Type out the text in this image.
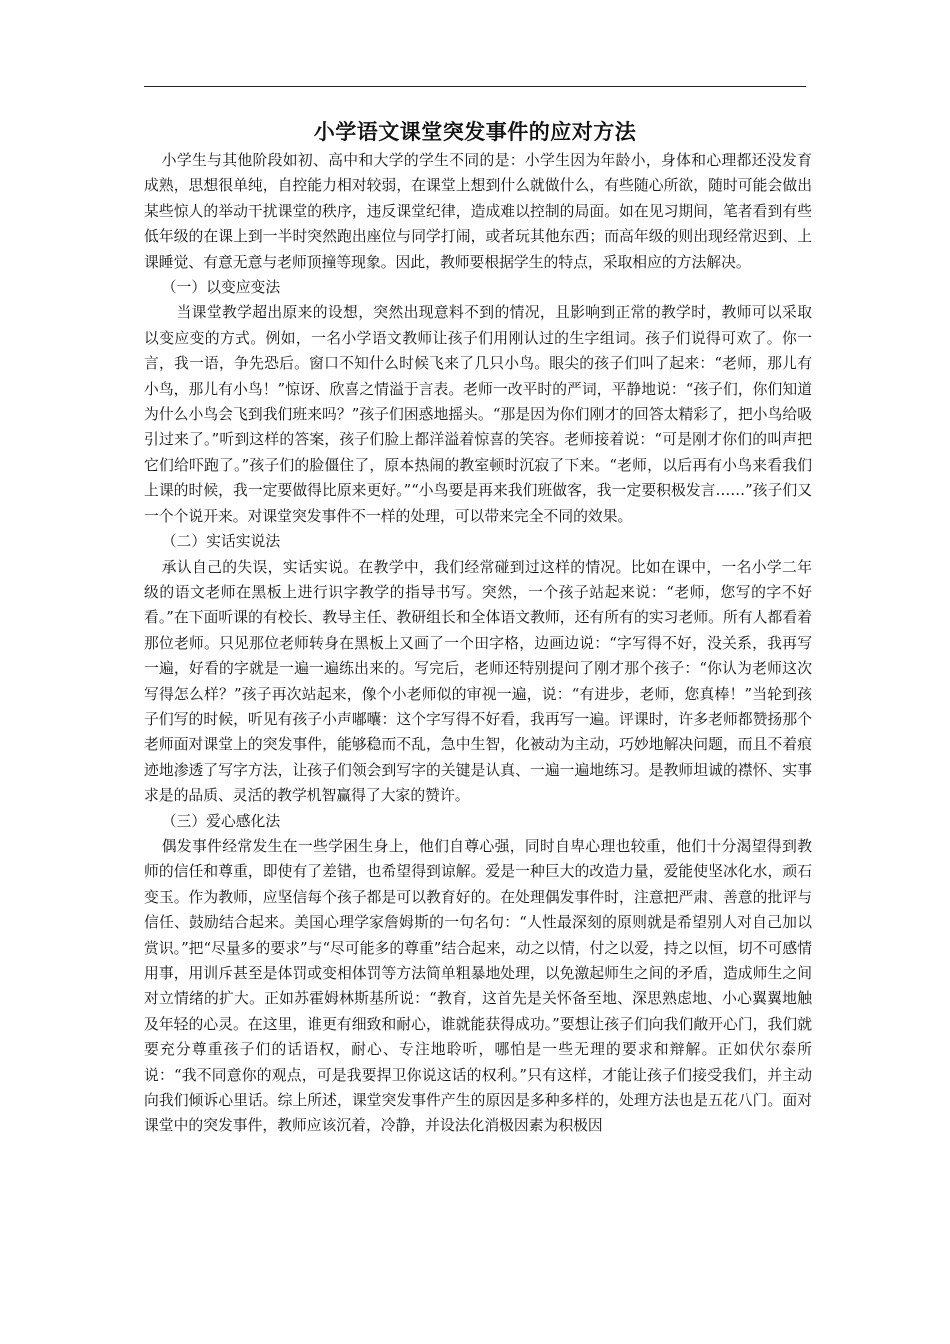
小学语文课堂突发事件的应对方法

小学生与其他阶段如初、高中和大学的学生不同的是：小学生因为年龄小，身体和心理都还没发育成熟，思想很单纯，自控能力相对较弱，在课堂上想到什么就做什么，有些随心所欲，随时可能会做出某些惊人的举动干扰课堂的秩序，违反课堂纪律，造成难以控制的局面。如在见习期间，笔者看到有些低年级的在课上到一半时突然跑出座位与同学打闹，或者玩其他东西；而高年级的则出现经常迟到、上课睡觉、有意无意与老师顶撞等现象。因此，教师要根据学生的特点，采取相应的方法解决。

（一）以变应变法

当课堂教学超出原来的设想，突然出现意料不到的情况，且影响到正常的教学时，教师可以采取以变应变的方式。例如，一名小学语文教师让孩子们用刚认过的生字组词。孩子们说得可欢了。你一言，我一语，争先恐后。窗口不知什么时候飞来了几只小鸟。眼尖的孩子们叫了起来：“老师，那儿有小鸟，那儿有小鸟！”惊讶、欣喜之情溢于言表。老师一改平时的严词，平静地说：“孩子们，你们知道为什么小鸟会飞到我们班来吗？”孩子们困惑地摇头。“那是因为你们刚才的回答太精彩了，把小鸟给吸引过来了。”听到这样的答案，孩子们脸上都洋溢着惊喜的笑容。老师接着说：“可是刚才你们的叫声把它们给吓跑了。”孩子们的脸僵住了，原本热闹的教室顿时沉寂了下来。“老师，以后再有小鸟来看我们上课的时候，我一定要做得比原来更好。”“小鸟要是再来我们班做客，我一定要积极发言……”孩子们又一个个说开来。对课堂突发事件不一样的处理，可以带来完全不同的效果。

（二）实话实说法

承认自己的失误，实话实说。在教学中，我们经常碰到过这样的情况。比如在课中，一名小学二年级的语文老师在黑板上进行识字教学的指导书写。突然，一个孩子站起来说：“老师，您写的字不好看。”在下面听课的有校长、教导主任、教研组长和全体语文教师，还有所有的实习老师。所有人都看着那位老师。只见那位老师转身在黑板上又画了一个田字格，边画边说：“字写得不好，没关系，我再写一遍，好看的字就是一遍一遍练出来的。写完后，老师还特别提问了刚才那个孩子：“你认为老师这次写得怎么样？”孩子再次站起来，像个小老师似的审视一遍，说：“有进步，老师，您真棒！”当轮到孩子们写的时候，听见有孩子小声嘟囔：这个字写得不好看，我再写一遍。评课时，许多老师都赞扬那个老师面对课堂上的突发事件，能够稳而不乱，急中生智，化被动为主动，巧妙地解决问题，而且不着痕迹地渗透了写字方法，让孩子们领会到写字的关键是认真、一遍一遍地练习。是教师坦诚的襟怀、实事求是的品质、灵活的教学机智赢得了大家的赞许。

（三）爱心感化法

偶发事件经常发生在一些学困生身上，他们自尊心强，同时自卑心理也较重，他们十分渴望得到教师的信任和尊重，即使有了差错，也希望得到谅解。爱是一种巨大的改造力量，爱能使坚冰化水，顽石变玉。作为教师，应坚信每个孩子都是可以教育好的。在处理偶发事件时，注意把严肃、善意的批评与信任、鼓励结合起来。美国心理学家詹姆斯的一句名句：“人性最深刻的原则就是希望别人对自己加以赏识。”把“尽量多的要求”与“尽可能多的尊重”结合起来，动之以情，付之以爱，持之以恒，切不可感情用事，用训斥甚至是体罚或变相体罚等方法简单粗暴地处理，以免激起师生之间的矛盾，造成师生之间对立情绪的扩大。正如苏霍姆林斯基所说：“教育，这首先是关怀备至地、深思熟虑地、小心翼翼地触及年轻的心灵。在这里，谁更有细致和耐心，谁就能获得成功。”要想让孩子们向我们敞开心门，我们就要充分尊重孩子们的话语权，耐心、专注地聆听，哪怕是一些无理的要求和辩解。正如伏尔泰所说：“我不同意你的观点，可是我要捍卫你说这话的权利。”只有这样，才能让孩子们接受我们，并主动向我们倾诉心里话。综上所述，课堂突发事件产生的原因是多种多样的，处理方法也是五花八门。面对课堂中的突发事件，教师应该沉着，冷静，并设法化消极因素为积极因
